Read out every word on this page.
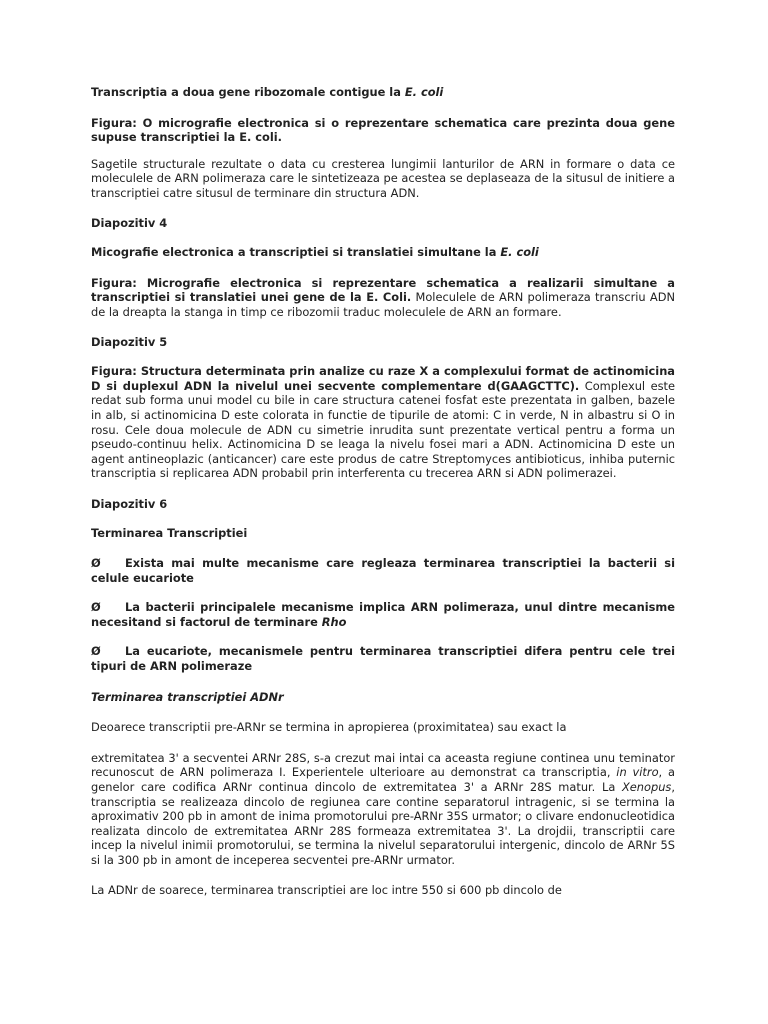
Transcriptia a doua gene ribozomale contigue la E. coli

Figura: O micrografie electronica si o reprezentare schematica care prezinta doua gene supuse transcriptiei la E. coli.

Sagetile structurale rezultate o data cu cresterea lungimii lanturilor de ARN in formare o data ce moleculele de ARN polimeraza care le sintetizeaza pe acestea se deplaseaza de la situsul de initiere a transcriptiei catre situsul de terminare din structura ADN.

Diapozitiv 4

Micografie electronica a transcriptiei si translatiei simultane la E. coli

Figura: Micrografie electronica si reprezentare schematica a realizarii simultane a transcriptiei si translatiei unei gene de la E. Coli. Moleculele de ARN polimeraza transcriu ADN de la dreapta la stanga in timp ce ribozomii traduc moleculele de ARN an formare.

Diapozitiv 5

Figura: Structura determinata prin analize cu raze X a complexului format de actinomicina D si duplexul ADN la nivelul unei secvente complementare d(GAAGCTTC). Complexul este redat sub forma unui model cu bile in care structura catenei fosfat este prezentata in galben, bazele in alb, si actinomicina D este colorata in functie de tipurile de atomi: C in verde, N in albastru si O in rosu. Cele doua molecule de ADN cu simetrie inrudita sunt prezentate vertical pentru a forma un pseudo-continuu helix. Actinomicina D se leaga la nivelu fosei mari a ADN. Actinomicina D este un agent antineoplazic (anticancer) care este produs de catre Streptomyces antibioticus, inhiba puternic transcriptia si replicarea ADN probabil prin interferenta cu trecerea ARN si ADN polimerazei.

Diapozitiv 6

Terminarea Transcriptiei

Ø Exista mai multe mecanisme care regleaza terminarea transcriptiei la bacterii si celule eucariote

Ø La bacterii principalele mecanisme implica ARN polimeraza, unul dintre mecanisme necesitand si factorul de terminare Rho

Ø La eucariote, mecanismele pentru terminarea transcriptiei difera pentru cele trei tipuri de ARN polimeraze

Terminarea transcriptiei ADNr

Deoarece transcriptii pre-ARNr se termina in apropierea (proximitatea) sau exact la

extremitatea 3' a secventei ARNr 28S, s-a crezut mai intai ca aceasta regiune continea unu teminator recunoscut de ARN polimeraza I. Experientele ulterioare au demonstrat ca transcriptia, in vitro, a genelor care codifica ARNr continua dincolo de extremitatea 3' a ARNr 28S matur. La Xenopus, transcriptia se realizeaza dincolo de regiunea care contine separatorul intragenic, si se termina la aproximativ 200 pb in amont de inima promotorului pre-ARNr 35S urmator; o clivare endonucleotidica realizata dincolo de extremitatea ARNr 28S formeaza extremitatea 3'. La drojdii, transcriptii care incep la nivelul inimii promotorului, se termina la nivelul separatorului intergenic, dincolo de ARNr 5S si la 300 pb in amont de inceperea secventei pre-ARNr urmator.

La ADNr de soarece, terminarea transcriptiei are loc intre 550 si 600 pb dincolo de
